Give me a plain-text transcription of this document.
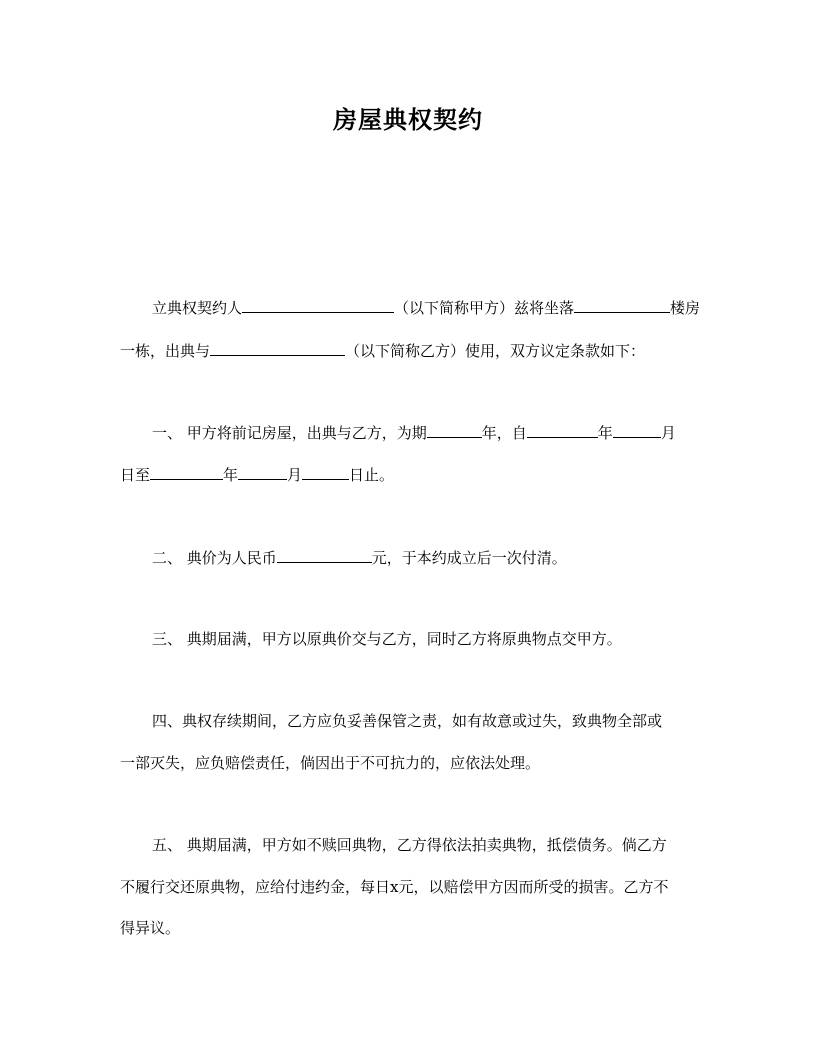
房屋典权契约
立典权契约人	（以下简称甲方）兹将坐落	楼房
一栋，出典与	（以下简称乙方）使用，双方议定条款如下：
一、 甲方将前记房屋，出典与乙方，为期	年，自	年	月
日至	年	月	日止。
二、 典价为人民币	元，于本约成立后一次付清。
三、 典期届满，甲方以原典价交与乙方，同时乙方将原典物点交甲方。
四、典权存续期间，乙方应负妥善保管之责，如有故意或过失，致典物全部或
一部灭失，应负赔偿责任，倘因出于不可抗力的，应依法处理。
五、 典期届满，甲方如不赎回典物，乙方得依法拍卖典物，抵偿债务。倘乙方
不履行交还原典物，应给付违约金，每日x元，以赔偿甲方因而所受的损害。乙方不
得异议。
